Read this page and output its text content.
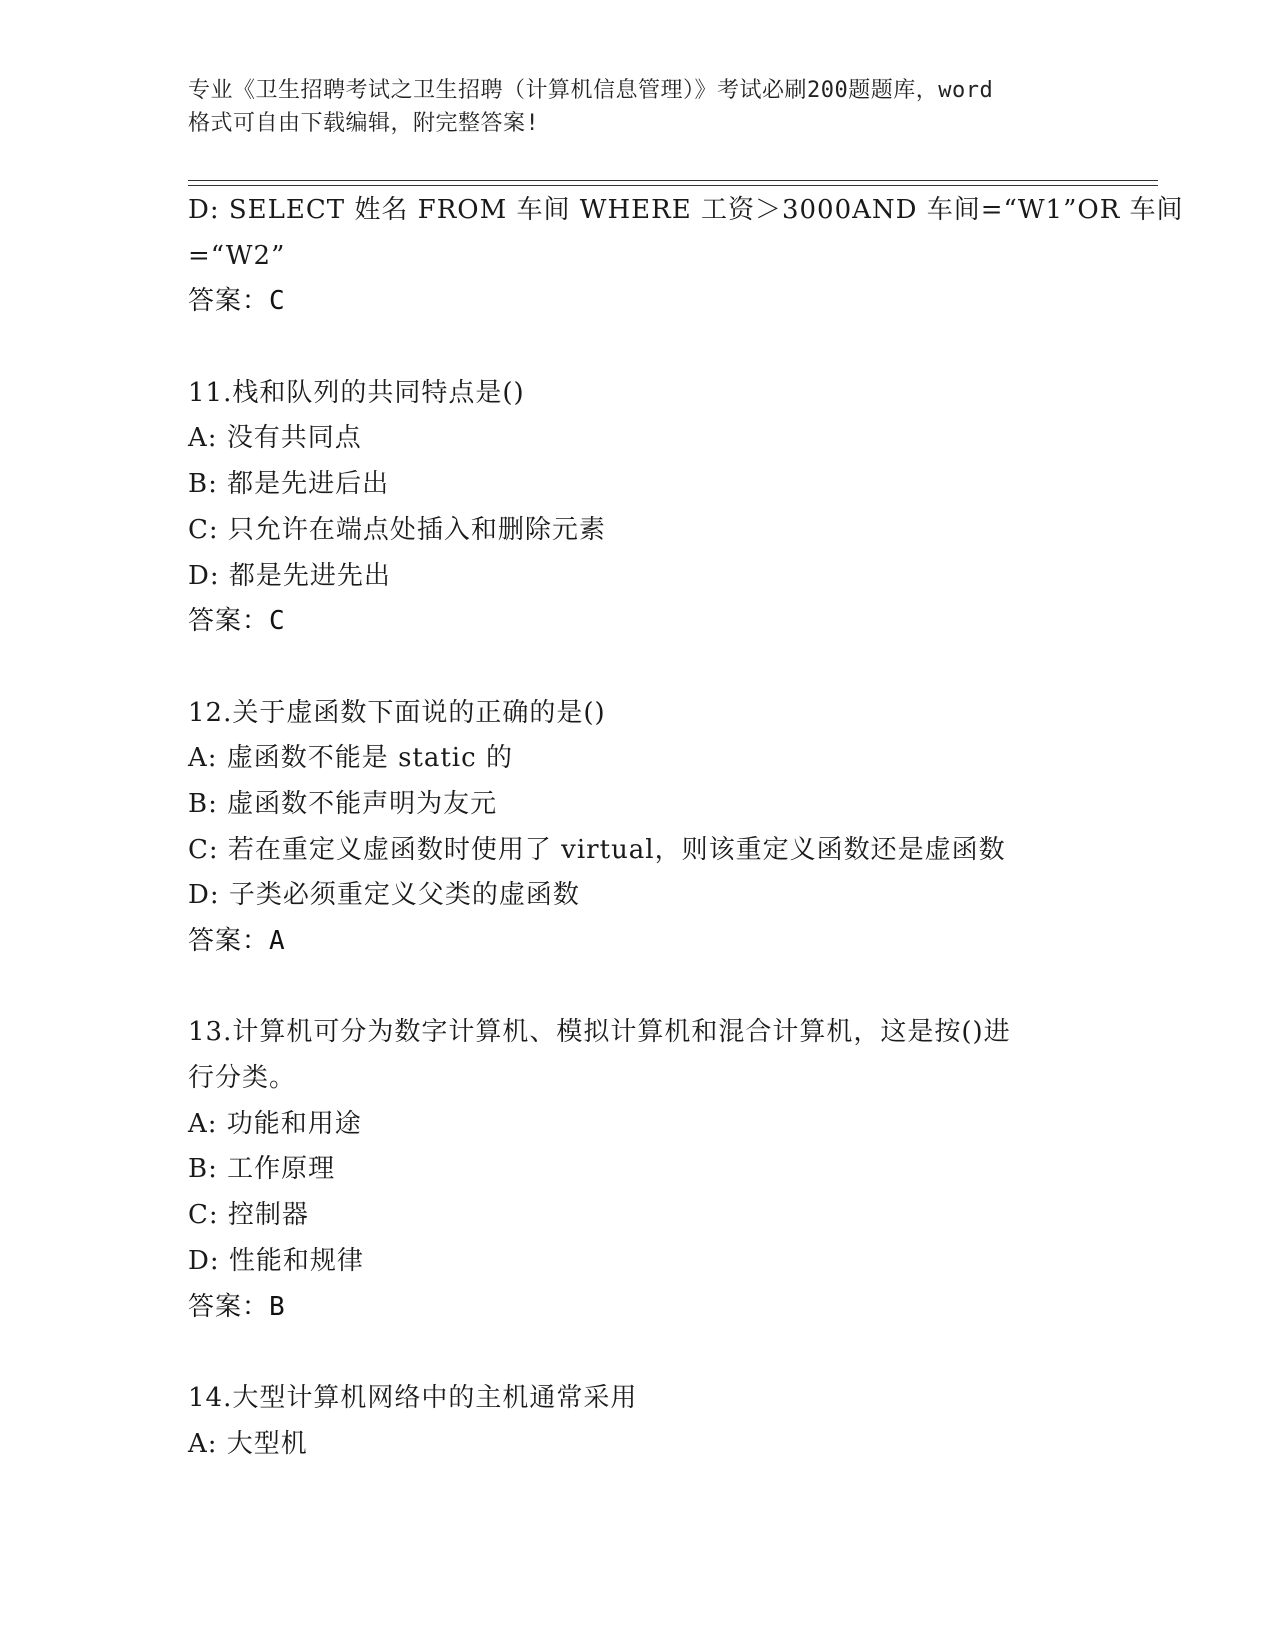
专业《卫生招聘考试之卫生招聘（计算机信息管理）》考试必刷200题题库，word
格式可自由下载编辑，附完整答案!
D: SELECT 姓名 FROM 车间 WHERE 工资＞3000AND 车间=“W1”OR 车间
=“W2”
答案：C
11.栈和队列的共同特点是()
A: 没有共同点
B: 都是先进后出
C: 只允许在端点处插入和删除元素
D: 都是先进先出
答案：C
12.关于虚函数下面说的正确的是()
A: 虚函数不能是 static 的
B: 虚函数不能声明为友元
C: 若在重定义虚函数时使用了 virtual，则该重定义函数还是虚函数
D: 子类必须重定义父类的虚函数
答案：A
13.计算机可分为数字计算机、模拟计算机和混合计算机，这是按()进
行分类。
A: 功能和用途
B: 工作原理
C: 控制器
D: 性能和规律
答案：B
14.大型计算机网络中的主机通常采用
A: 大型机
